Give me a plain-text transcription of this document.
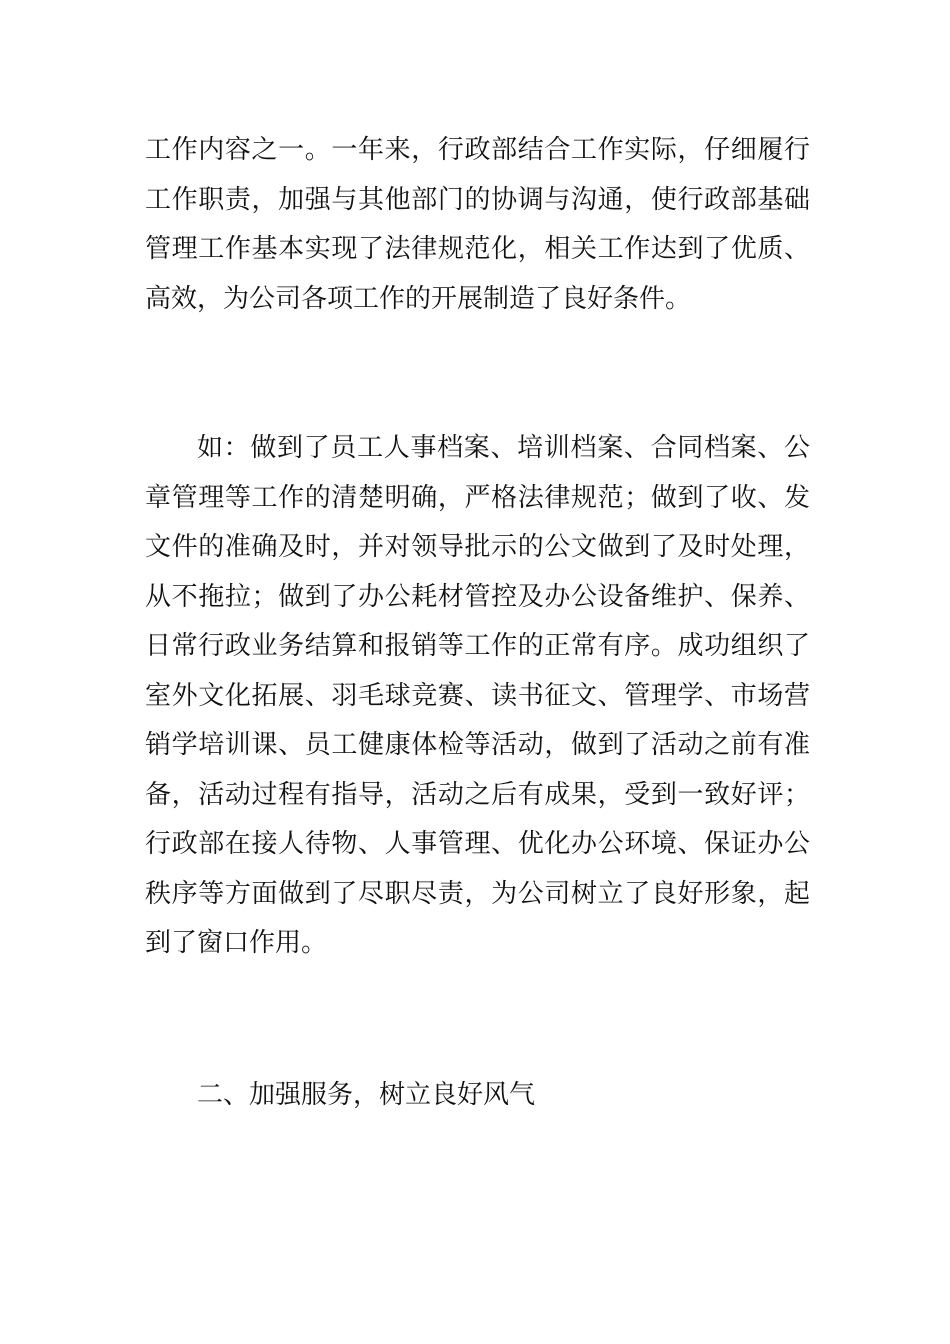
工作内容之一。一年来，行政部结合工作实际，仔细履行
工作职责，加强与其他部门的协调与沟通，使行政部基础
管理工作基本实现了法律规范化，相关工作达到了优质、
高效，为公司各项工作的开展制造了良好条件。
如：做到了员工人事档案、培训档案、合同档案、公
章管理等工作的清楚明确，严格法律规范；做到了收、发
文件的准确及时，并对领导批示的公文做到了及时处理，
从不拖拉；做到了办公耗材管控及办公设备维护、保养、
日常行政业务结算和报销等工作的正常有序。成功组织了
室外文化拓展、羽毛球竞赛、读书征文、管理学、市场营
销学培训课、员工健康体检等活动，做到了活动之前有准
备，活动过程有指导，活动之后有成果，受到一致好评；
行政部在接人待物、人事管理、优化办公环境、保证办公
秩序等方面做到了尽职尽责，为公司树立了良好形象，起
到了窗口作用。
二、加强服务，树立良好风气
